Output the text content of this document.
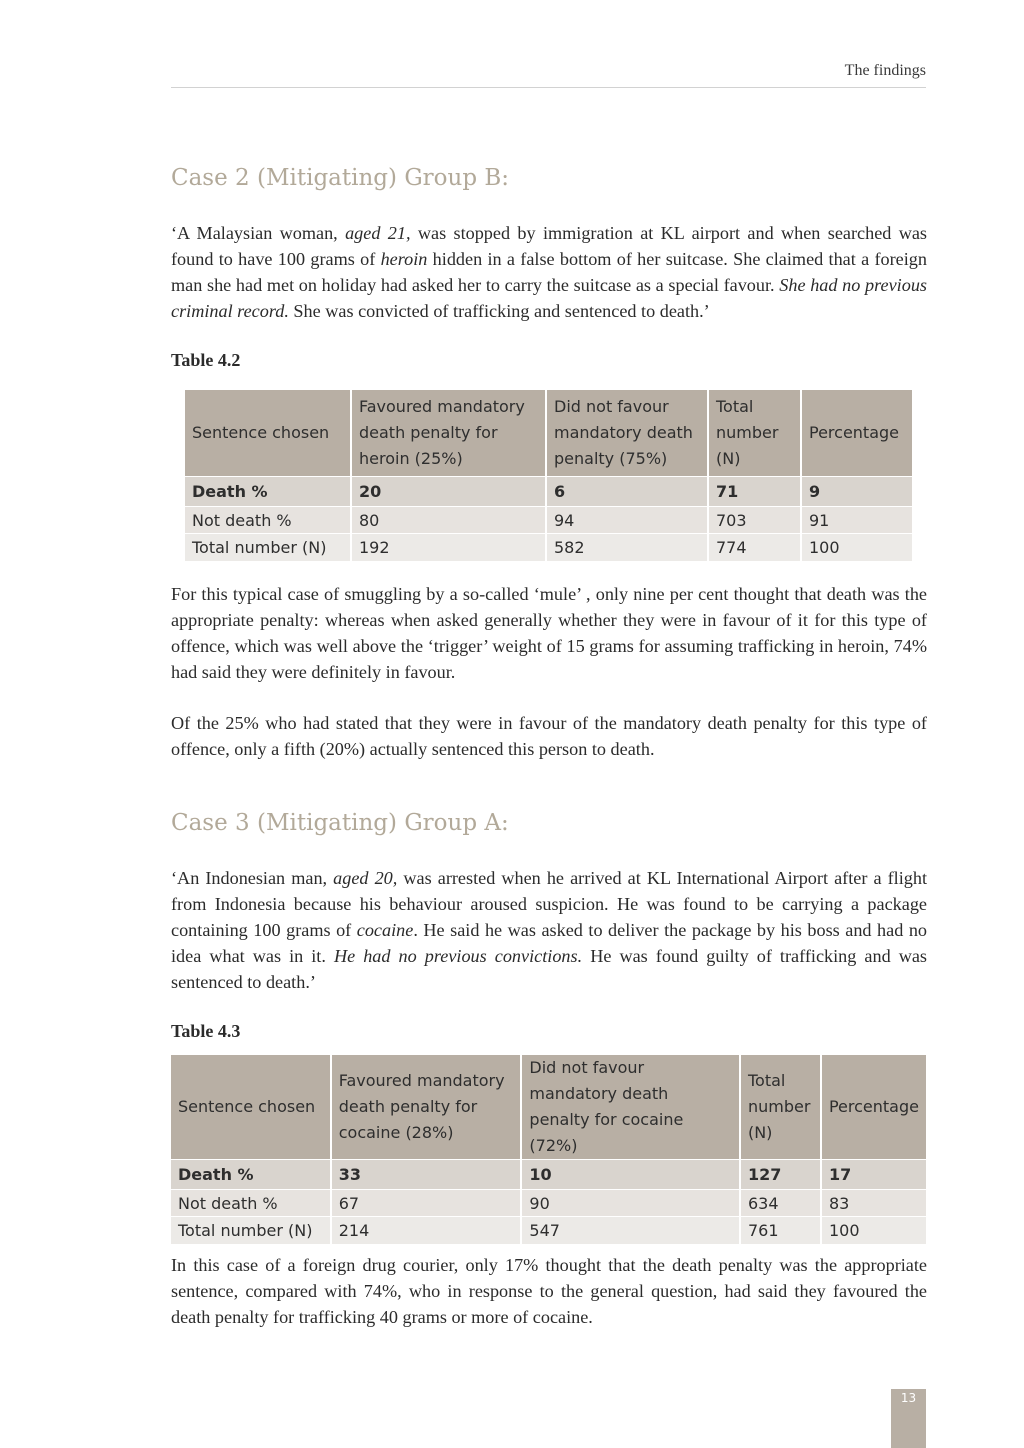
The findings
Case 2 (Mitigating) Group B:

‘A Malaysian woman, aged 21, was stopped by immigration at KL airport and when searched was found to have 100 grams of heroin hidden in a false bottom of her suitcase. She claimed that a foreign man she had met on holiday had asked her to carry the suitcase as a special favour. She had no previous criminal record. She was convicted of trafficking and sentenced to death.’

Table 4.2
Sentence chosen	Favoured mandatory death penalty for heroin (25%)	Did not favour mandatory death penalty (75%)	Total number (N)	Percentage
Death %	20	6	71	9
Not death %	80	94	703	91
Total number (N)	192	582	774	100

For this typical case of smuggling by a so-called ‘mule’ , only nine per cent thought that death was the appropriate penalty: whereas when asked generally whether they were in favour of it for this type of offence, which was well above the ‘trigger’ weight of 15 grams for assuming trafficking in heroin, 74% had said they were definitely in favour.

Of the 25% who had stated that they were in favour of the mandatory death penalty for this type of offence, only a fifth (20%) actually sentenced this person to death.

Case 3 (Mitigating) Group A:

‘An Indonesian man, aged 20, was arrested when he arrived at KL International Airport after a flight from Indonesia because his behaviour aroused suspicion. He was found to be carrying a package containing 100 grams of cocaine. He said he was asked to deliver the package by his boss and had no idea what was in it. He had no previous convictions. He was found guilty of trafficking and was sentenced to death.’

Table 4.3
Sentence chosen	Favoured mandatory death penalty for cocaine (28%)	Did not favour mandatory death penalty for cocaine (72%)	Total number (N)	Percentage
Death %	33	10	127	17
Not death %	67	90	634	83
Total number (N)	214	547	761	100

In this case of a foreign drug courier, only 17% thought that the death penalty was the appropriate sentence, compared with 74%, who in response to the general question, had said they favoured the death penalty for trafficking 40 grams or more of cocaine.

13
